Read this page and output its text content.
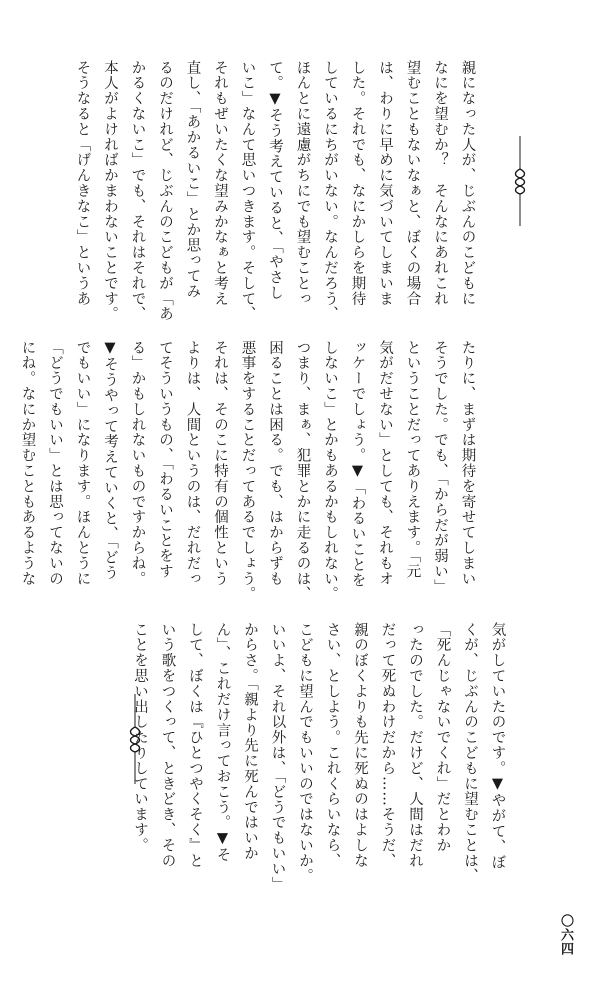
親になった人が、じぶんのこどもに
なにを望むか？　そんなにあれこれ
望むこともないなぁと、ぼくの場合
は、わりに早めに気づいてしまいま
した。それでも、なにかしらを期待
しているにちがいない。なんだろう、
ほんとに遠慮がちにでも望むことっ
て。▼そう考えていると、「やさし
いこ」なんて思いつきます。そして、
それもぜいたくな望みかなぁと考え
直し、「あかるいこ」とか思ってみ
るのだけれど、じぶんのこどもが「あ
かるくないこ」でも、それはそれで、
本人がよければかまわないことです。
そうなると「げんきなこ」というあ

たりに、まずは期待を寄せてしまい
そうでした。でも、「からだが弱い」
ということだってありえます。「元
気がだせない」としても、それもオ
ッケーでしょう。▼「わるいことを
しないこ」とかもあるかもしれない。
つまり、まぁ、犯罪とかに走るのは、
困ることは困る。でも、はからずも
悪事をすることだってあるでしょう。
それは、そのこに特有の個性という
よりは、人間というのは、だれだっ
てそういうもの、「わるいことをす
る」かもしれないものですからね。
▼そうやって考えていくと、「どう
でもいい」になります。ほんとうに
「どうでもいい」とは思ってないの
にね。なにか望むこともあるような

気がしていたのです。▼やがて、ぼ
くが、じぶんのこどもに望むことは、
「死んじゃないでくれ」だとわか
ったのでした。だけど、人間はだれ
だって死ぬわけだから……そうだ、
親のぼくよりも先に死ぬのはよしな
さい、としよう。これくらいなら、
こどもに望んでもいいのではないか。
いいよ、それ以外は、「どうでもいい」
からさ。「親より先に死んではいか
ん」、これだけ言っておこう。▼そ
して、ぼくは『ひとつやくそく』と
いう歌をつくって、ときどき、その
ことを思い出したりしています。

〇六四
